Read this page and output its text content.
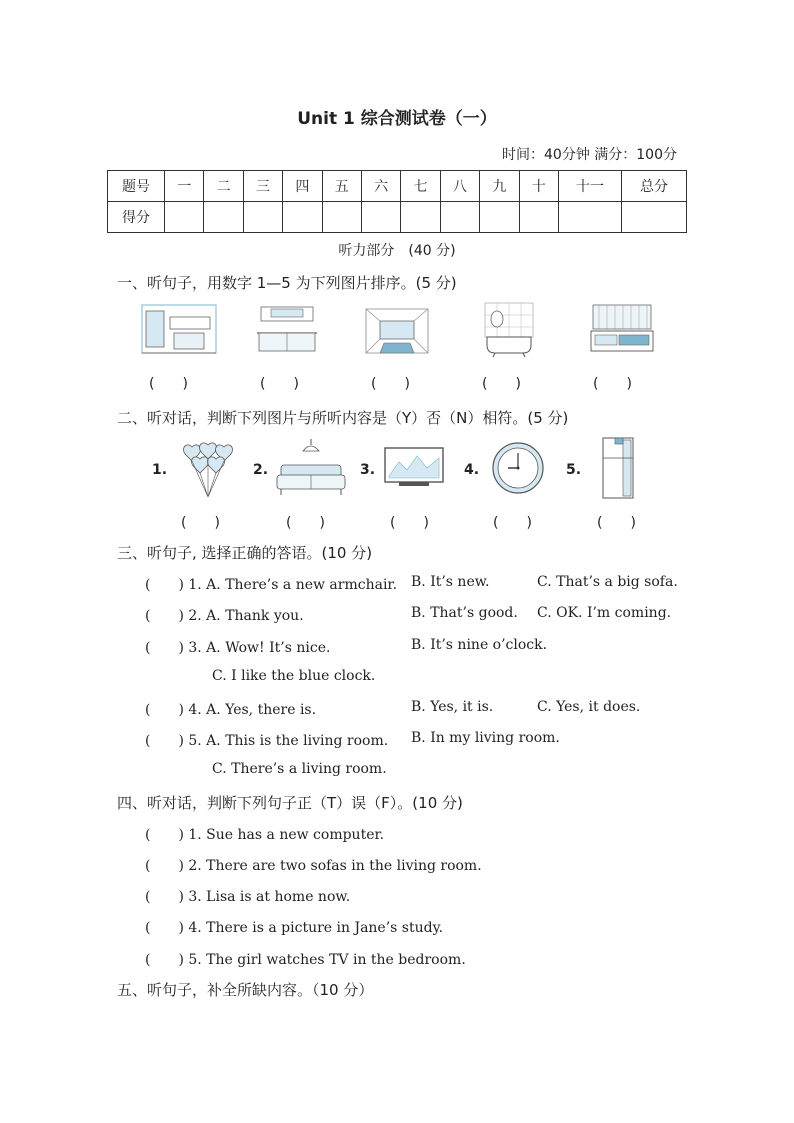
Unit 1 综合测试卷（一）
时间：40分钟 满分：100分
题号	一	二	三	四	五	六	七	八	九	十	十一	总分
得分												
听力部分　(40 分)
一、听句子，用数字 1—5 为下列图片排序。(5 分)
(　　)	(　　)	(　　)	(　　)	(　　)
二、听对话，判断下列图片与所听内容是（Y）否（N）相符。(5 分)
1.	2.	3.	4.	5.
(　　)	(　　)	(　　)	(　　)	(　　)
三、听句子, 选择正确的答语。(10 分)
(　　) 1. A. There’s a new armchair. B. It’s new.	C. That’s a big sofa.
(　　) 2. A. Thank you.	B. That’s good. C. OK. I’m coming.
(　　) 3. A. Wow! It’s nice.	B. It’s nine o’clock.
C. I like the blue clock.
(　　) 4. A. Yes, there is.	B. Yes, it is.	C. Yes, it does.
(　　) 5. A. This is the living room. B. In my living room.
C. There’s a living room.
四、听对话，判断下列句子正（T）误（F）。(10 分)
(　　) 1. Sue has a new computer.
(　　) 2. There are two sofas in the living room.
(　　) 3. Lisa is at home now.
(　　) 4. There is a picture in Jane’s study.
(　　) 5. The girl watches TV in the bedroom.
五、听句子，补全所缺内容。（10 分）
